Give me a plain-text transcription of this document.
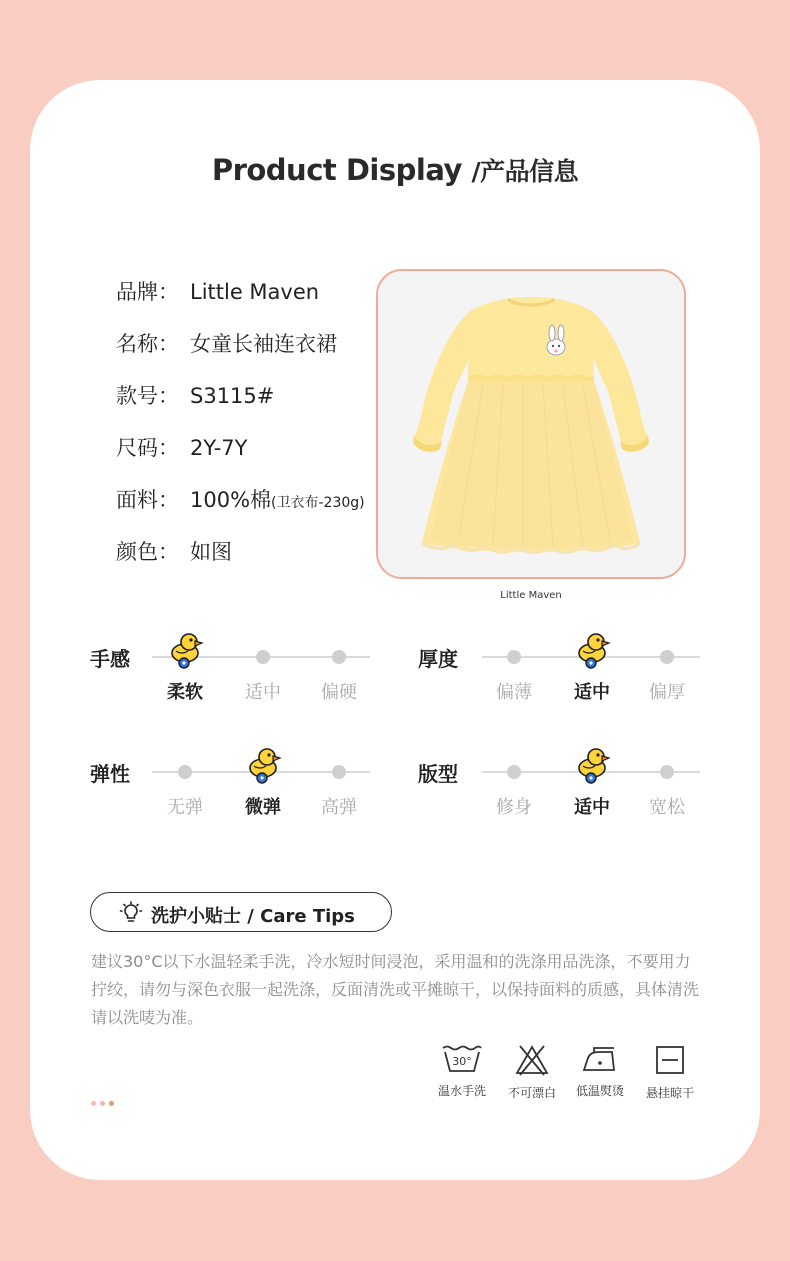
Product Display /产品信息
品牌： Little Maven
名称： 女童长袖连衣裙
款号： S3115#
尺码： 2Y-7Y
面料： 100%棉(卫衣布-230g)
颜色： 如图
Little Maven
手感
柔软	适中	偏硬
厚度
偏薄	适中	偏厚
弹性
无弹	微弹	高弹
版型
修身	适中	宽松
洗护小贴士 / Care Tips
建议30°C以下水温轻柔手洗，冷水短时间浸泡，采用温和的洗涤用品洗涤，不要用力拧绞，请勿与深色衣服一起洗涤，反面清洗或平摊晾干，以保持面料的质感，具体清洗请以洗唛为准。
30°
温水手洗	不可漂白	低温熨烫	悬挂晾干
